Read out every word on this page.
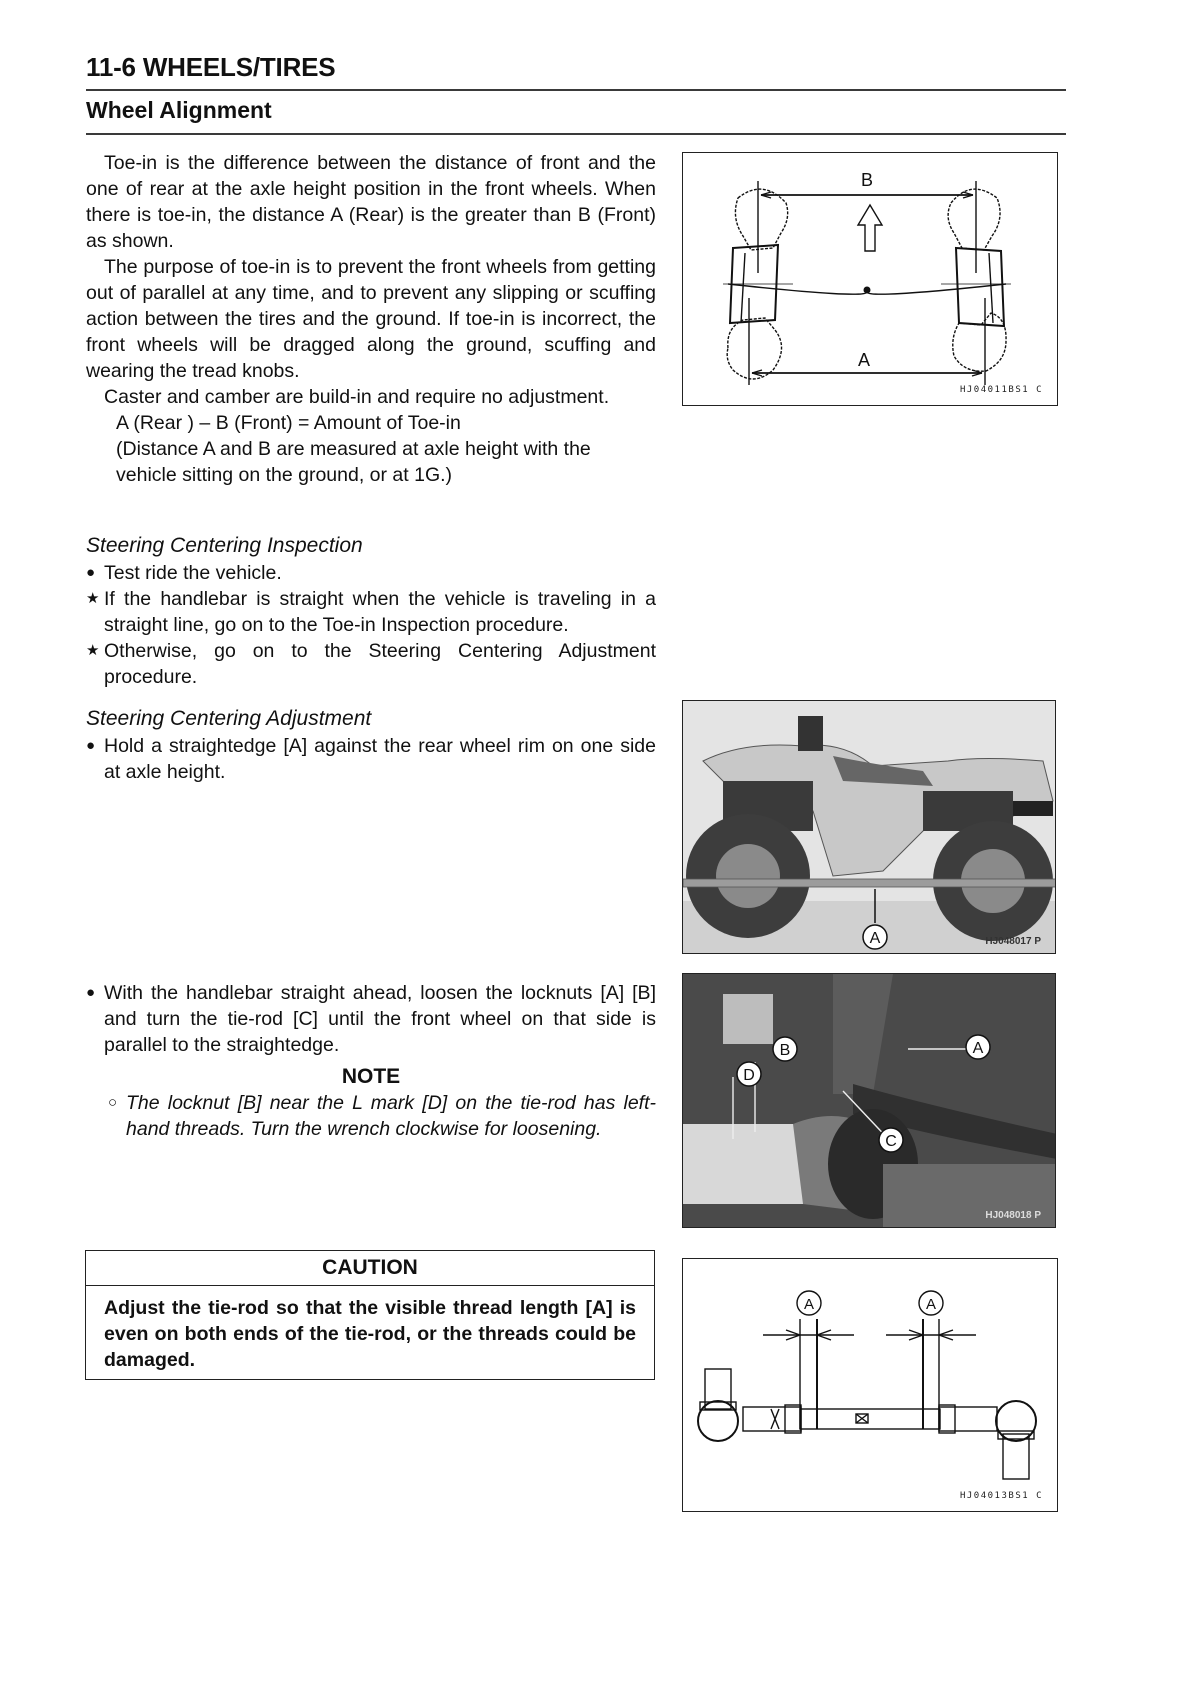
11-6 WHEELS/TIRES
Wheel Alignment

Toe-in is the difference between the distance of front and the one of rear at the axle height position in the front wheels. When there is toe-in, the distance A (Rear) is the greater than B (Front) as shown.

The purpose of toe-in is to prevent the front wheels from getting out of parallel at any time, and to prevent any slipping or scuffing action between the tires and the ground. If toe-in is incorrect, the front wheels will be dragged along the ground, scuffing and wearing the tread knobs.

Caster and camber are build-in and require no adjustment.

A (Rear ) – B (Front) = Amount of Toe-in

(Distance A and B are measured at axle height with the vehicle sitting on the ground, or at 1G.)

Steering Centering Inspection

● Test ride the vehicle.
★ If the handlebar is straight when the vehicle is traveling in a straight line, go on to the Toe-in Inspection procedure.
★ Otherwise, go on to the Steering Centering Adjustment procedure.

Steering Centering Adjustment

● Hold a straightedge [A] against the rear wheel rim on one side at axle height.
● With the handlebar straight ahead, loosen the locknuts [A] [B] and turn the tie-rod [C] until the front wheel on that side is parallel to the straightedge.

NOTE

○ The locknut [B] near the L mark [D] on the tie-rod has left-hand threads. Turn the wrench clockwise for loosening.
CAUTION
Adjust the tie-rod so that the visible thread length [A] is even on both ends of the tie-rod, or the threads could be damaged.
B
A
HJ04011BS1 C
A	HJ048017 P
A
B
C
D
HJ048018 P
A	A
HJ04013BS1 C
